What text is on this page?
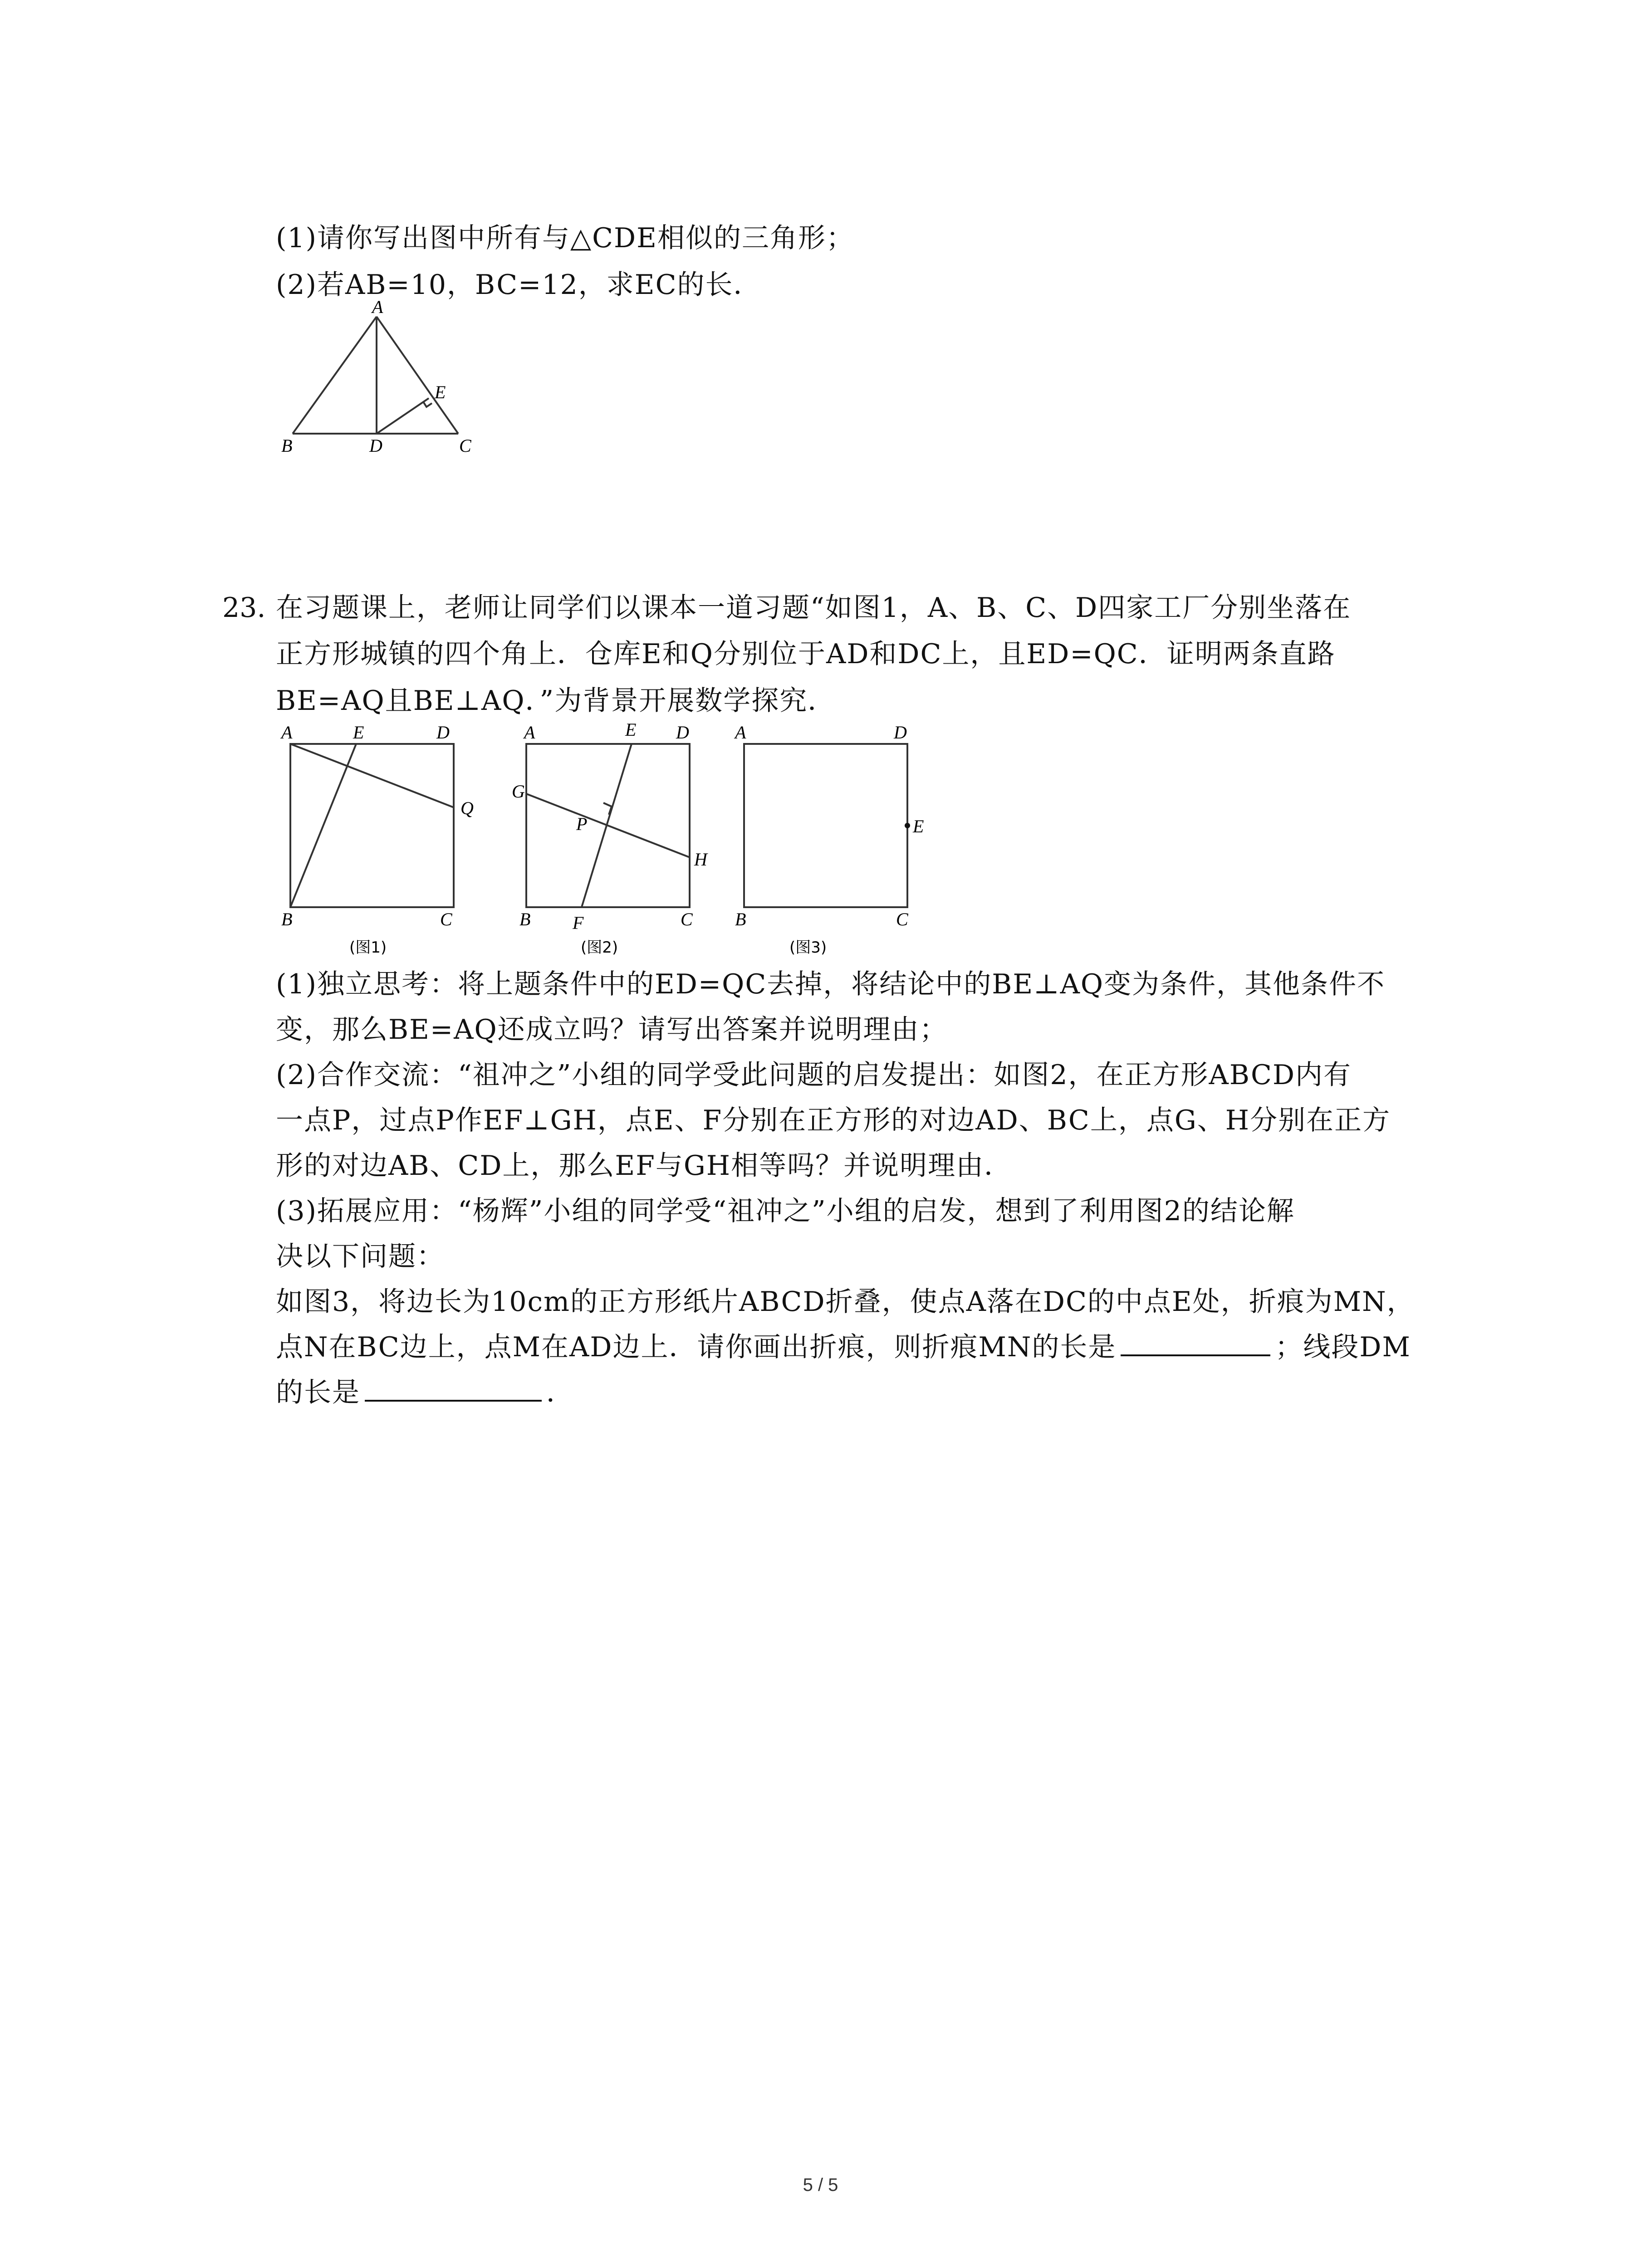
(1)请你写出图中所有与△CDE相似的三角形；
(2)若AB=10，BC=12，求EC的长．
A
E
B	D	C
23. 在习题课上，老师让同学们以课本一道习题“如图1，A、B、C、D四家工厂分别坐落在
正方形城镇的四个角上．仓库E和Q分别位于AD和DC上，且ED=QC．证明两条直路
BE=AQ且BE⊥AQ．”为背景开展数学探究．
A	E	D
Q
B	C
(图1)
A	E D
G
P
H
B F	C
(图2)
A	D
E
B	C
(图3)
(1)独立思考：将上题条件中的ED=QC去掉，将结论中的BE⊥AQ变为条件，其他条件不
变，那么BE=AQ还成立吗？请写出答案并说明理由；
(2)合作交流：“祖冲之”小组的同学受此问题的启发提出：如图2，在正方形ABCD内有
一点P，过点P作EF⊥GH，点E、F分别在正方形的对边AD、BC上，点G、H分别在正方
形的对边AB、CD上，那么EF与GH相等吗？并说明理由．
(3)拓展应用：“杨辉”小组的同学受“祖冲之”小组的启发，想到了利用图2的结论解
决以下问题：
如图3，将边长为10cm的正方形纸片ABCD折叠，使点A落在DC的中点E处，折痕为MN，
点N在BC边上，点M在AD边上．请你画出折痕，则折痕MN的长是	；线段DM
的长是	．
5 / 5
